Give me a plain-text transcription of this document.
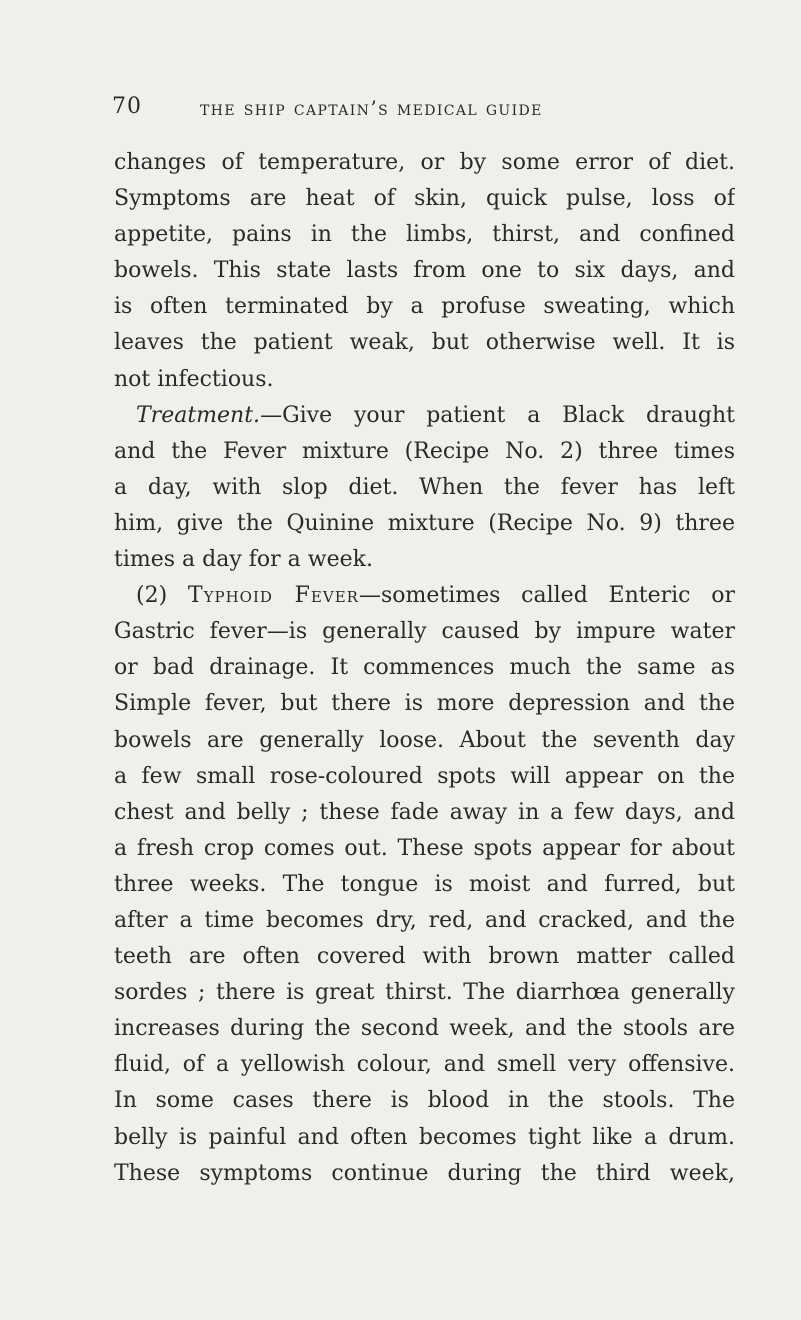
70	the ship captain’s medical guide
changes of temperature, or by some error of diet.
Symptoms are heat of skin, quick pulse, loss of
appetite, pains in the limbs, thirst, and confined
bowels. This state lasts from one to six days, and
is often terminated by a profuse sweating, which
leaves the patient weak, but otherwise well. It is
not infectious.
Treatment.—Give your patient a Black draught
and the Fever mixture (Recipe No. 2) three times
a day, with slop diet. When the fever has left
him, give the Quinine mixture (Recipe No. 9) three
times a day for a week.
(2) Typhoid Fever—sometimes called Enteric or
Gastric fever—is generally caused by impure water
or bad drainage. It commences much the same as
Simple fever, but there is more depression and the
bowels are generally loose. About the seventh day
a few small rose-coloured spots will appear on the
chest and belly ; these fade away in a few days, and
a fresh crop comes out. These spots appear for about
three weeks. The tongue is moist and furred, but
after a time becomes dry, red, and cracked, and the
teeth are often covered with brown matter called
sordes ; there is great thirst. The diarrhœa generally
increases during the second week, and the stools are
fluid, of a yellowish colour, and smell very offensive.
In some cases there is blood in the stools. The
belly is painful and often becomes tight like a drum.
These symptoms continue during the third week,
